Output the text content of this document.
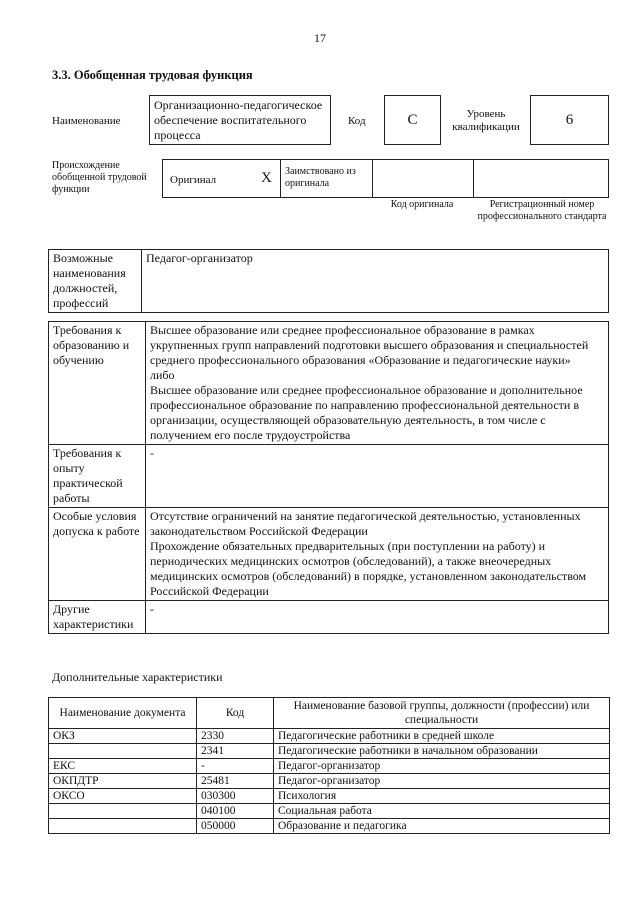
17
3.3. Обобщенная трудовая функция
Наименование
Организационно-педагогическое обеспечение воспитательного процесса
Код	С	Уровень квалификации	6
Происхождение обобщенной трудовой функции
Оригинал	X Заимствовано из оригинала
Код оригинала	Регистрационный номер профессионального стандарта
Возможные наименования должностей, профессий	Педагог-организатор
Требования к образованию и обучению	Высшее образование или среднее профессиональное образование в рамках укрупненных групп направлений подготовки высшего образования и специальностей среднего профессионального образования «Образование и педагогические науки»
либо
Высшее образование или среднее профессиональное образование и дополнительное профессиональное образование по направлению профессиональной деятельности в организации, осуществляющей образовательную деятельность, в том числе с получением его после трудоустройства
Требования к опыту практической работы	-
Особые условия допуска к работе	Отсутствие ограничений на занятие педагогической деятельностью, установленных законодательством Российской Федерации
Прохождение обязательных предварительных (при поступлении на работу) и периодических медицинских осмотров (обследований), а также внеочередных медицинских осмотров (обследований) в порядке, установленном законодательством Российской Федерации
Другие характеристики	-
Дополнительные характеристики
Наименование документа	Код	Наименование базовой группы, должности (профессии) или специальности
ОКЗ	2330	Педагогические работники в средней школе
	2341	Педагогические работники в начальном образовании
ЕКС	-	Педагог-организатор
ОКПДТР	25481	Педагог-организатор
ОКСО	030300	Психология
	040100	Социальная работа
	050000	Образование и педагогика
